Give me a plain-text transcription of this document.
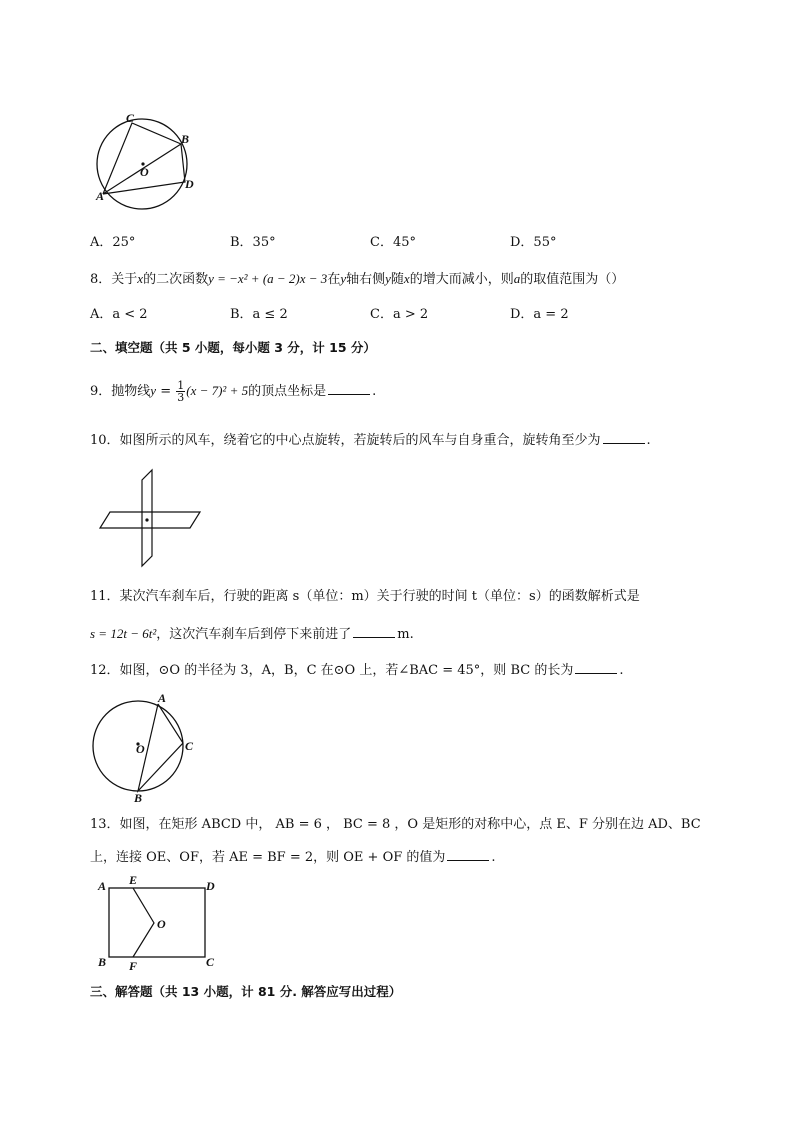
C
B
O
D
A
A．25°	B．35°	C．45°	D．55°
8．关于x的二次函数y = −x² + (a − 2)x − 3在y轴右侧y随x的增大而减小，则a的取值范围为（）
A．a < 2	B．a ≤ 2	C．a > 2	D．a = 2
二、填空题（共 5 小题，每小题 3 分，计 15 分）
9．抛物线$y = \frac{1}{3} (x - 7)^2 + 5$的顶点坐标是	.
10．如图所示的风车，绕着它的中心点旋转，若旋转后的风车与自身重合，旋转角至少为	.
11．某次汽车刹车后，行驶的距离 s（单位：m）关于行驶的时间 t（单位：s）的函数解析式是
s = 12t − 6t²，这次汽车刹车后到停下来前进了	m.
12．如图，⊙O 的半径为 3，A，B，C 在⊙O 上，若∠BAC = 45°，则 BC 的长为	.
A
O	C
B
13．如图，在矩形 ABCD 中， AB = 6 ， BC = 8 ，O 是矩形的对称中心，点 E、F 分别在边 AD、BC
上，连接 OE、OF，若 AE = BF = 2，则 OE + OF 的值为	.
A E	D
O
B F	C
三、解答题（共 13 小题，计 81 分. 解答应写出过程）
